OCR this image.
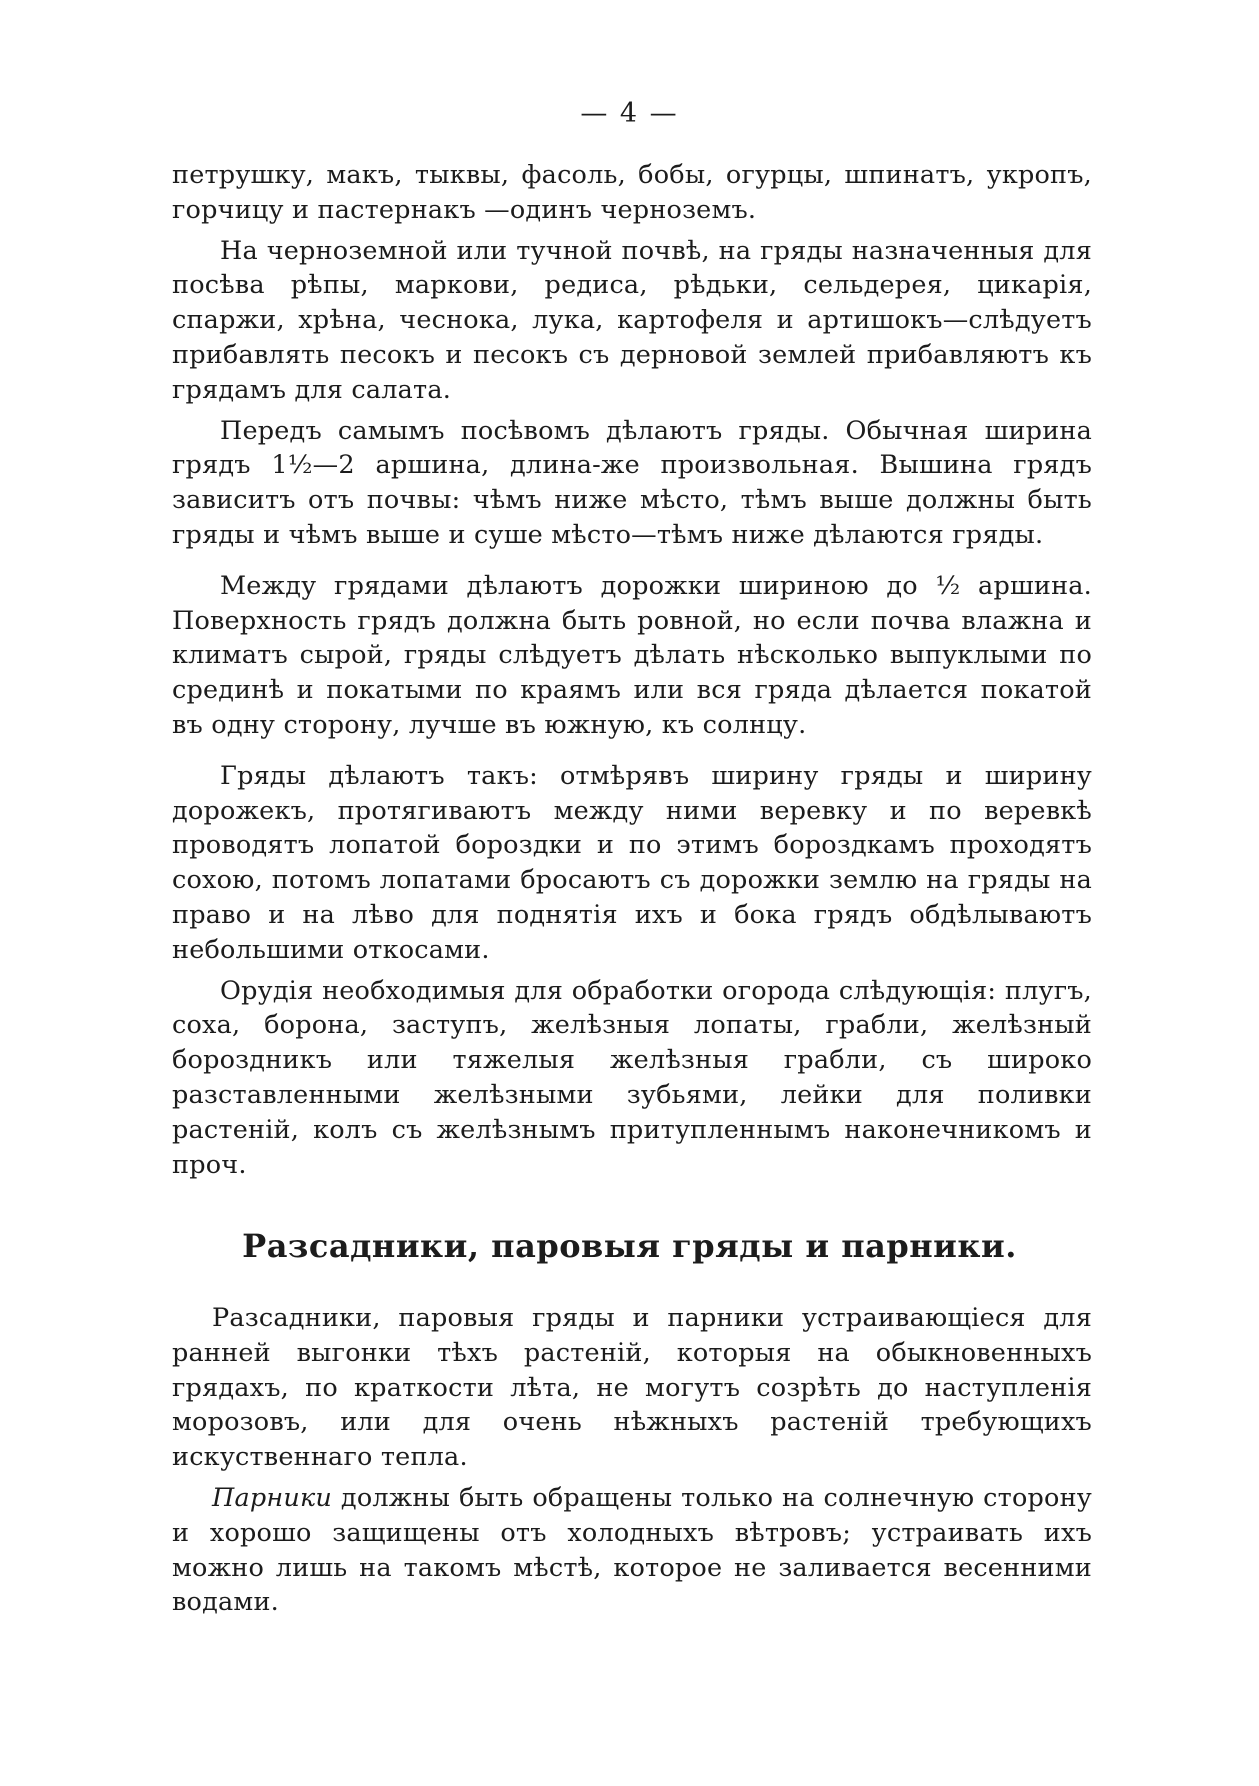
— 4 —

петрушку, макъ, тыквы, фасоль, бобы, огурцы, шпинатъ, укропъ, горчицу и пастернакъ —одинъ черноземъ.

На черноземной или тучной почвѣ, на гряды назначенныя для посѣва рѣпы, маркови, редиса, рѣдьки, сельдерея, цикарія, спаржи, хрѣна, чеснока, лука, картофеля и артишокъ—слѣдуетъ прибавлять песокъ и песокъ съ дерновой землей прибавляютъ къ грядамъ для салата.

Передъ самымъ посѣвомъ дѣлаютъ гряды. Обычная ширина грядъ 1½—2 аршина, длина-же произвольная. Вышина грядъ зависитъ отъ почвы: чѣмъ ниже мѣсто, тѣмъ выше должны быть гряды и чѣмъ выше и суше мѣсто—тѣмъ ниже дѣлаются гряды.

Между грядами дѣлаютъ дорожки шириною до ½ аршина. Поверхность грядъ должна быть ровной, но если почва влажна и климатъ сырой, гряды слѣдуетъ дѣлать нѣсколько выпуклыми по срединѣ и покатыми по краямъ или вся гряда дѣлается покатой въ одну сторону, лучше въ южную, къ солнцу.

Гряды дѣлаютъ такъ: отмѣрявъ ширину гряды и ширину дорожекъ, протягиваютъ между ними веревку и по веревкѣ проводятъ лопатой бороздки и по этимъ бороздкамъ проходятъ сохою, потомъ лопатами бросаютъ съ дорожки землю на гряды на право и на лѣво для поднятія ихъ и бока грядъ обдѣлываютъ небольшими откосами.

Орудія необходимыя для обработки огорода слѣдующія: плугъ, соха, борона, заступъ, желѣзныя лопаты, грабли, желѣзный бороздникъ или тяжелыя желѣзныя грабли, съ широко разставленными желѣзными зубьями, лейки для поливки растеній, колъ съ желѣзнымъ притупленнымъ наконечникомъ и проч.

Разсадники, паровыя гряды и парники.

Разсадники, паровыя гряды и парники устраивающіеся для ранней выгонки тѣхъ растеній, которыя на обыкновенныхъ грядахъ, по краткости лѣта, не могутъ созрѣть до наступленія морозовъ, или для очень нѣжныхъ растеній требующихъ искуственнаго тепла.

Парники должны быть обращены только на солнечную сторону и хорошо защищены отъ холодныхъ вѣтровъ; устраивать ихъ можно лишь на такомъ мѣстѣ, которое не заливается весенними водами.
